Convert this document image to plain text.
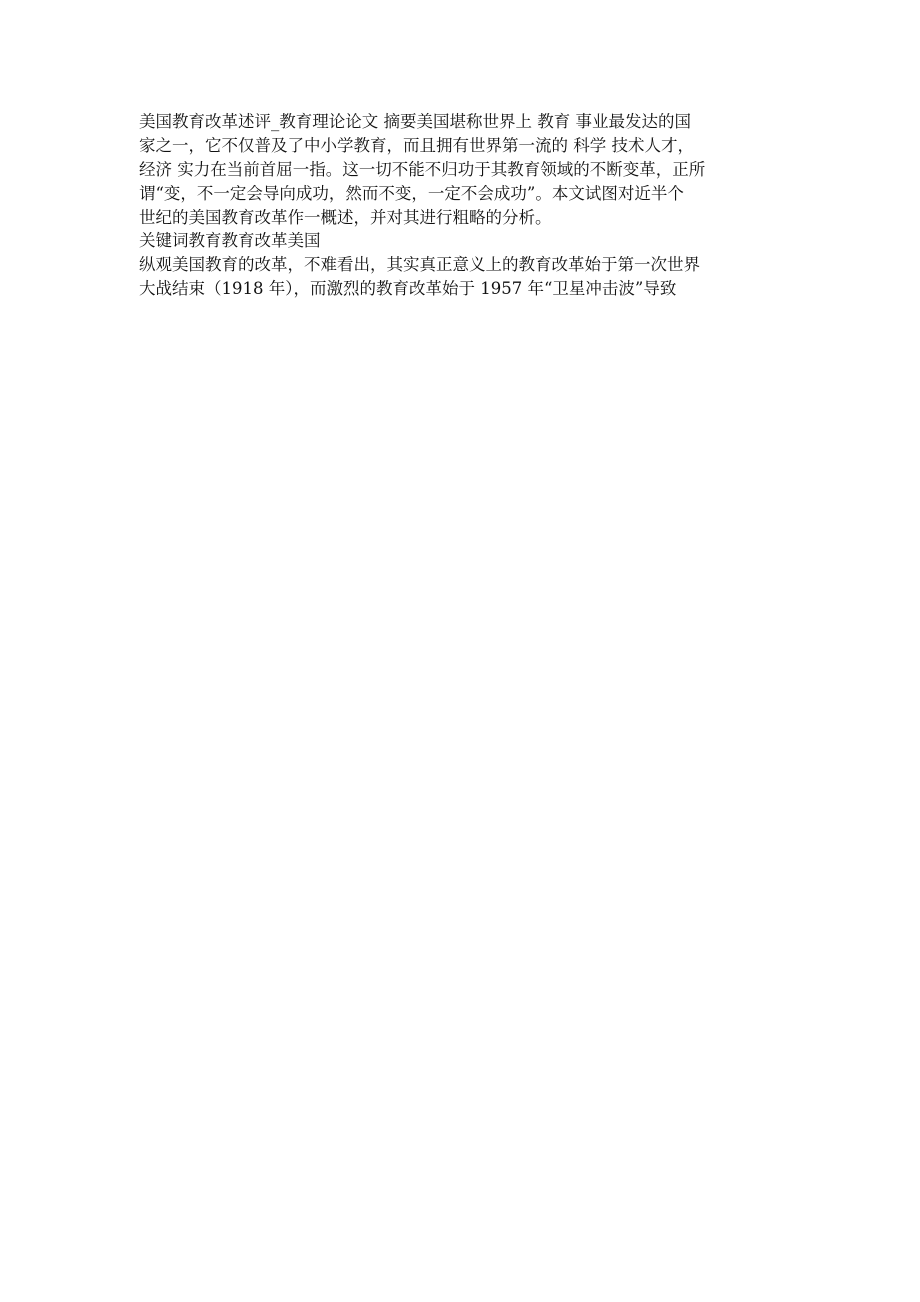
美国教育改革述评_教育理论论文 摘要美国堪称世界上 教育 事业最发达的国
家之一，它不仅普及了中小学教育，而且拥有世界第一流的 科学 技术人才，
经济 实力在当前首屈一指。这一切不能不归功于其教育领域的不断变革，正所
谓“变，不一定会导向成功，然而不变，一定不会成功”。本文试图对近半个
世纪的美国教育改革作一概述，并对其进行粗略的分析。
关键词教育教育改革美国
纵观美国教育的改革，不难看出，其实真正意义上的教育改革始于第一次世界
大战结束（1918 年），而激烈的教育改革始于 1957 年“卫星冲击波”导致
